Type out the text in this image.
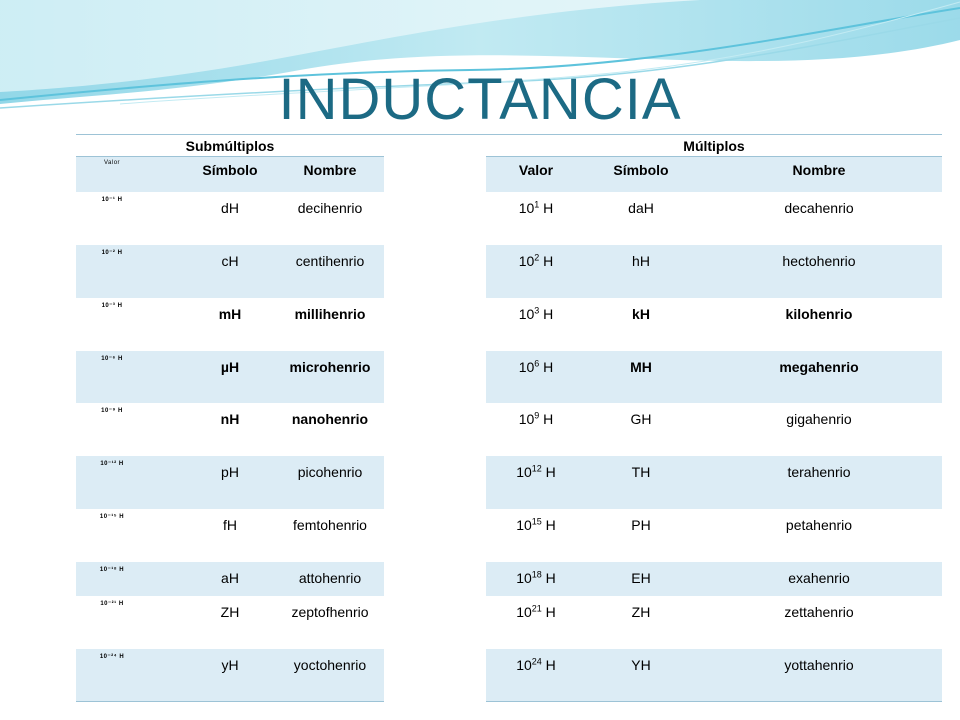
INDUCTANCIA
Submúltiplos	Múltiplos
Valor	Símbolo	Nombre	Valor	Símbolo	Nombre
10⁻¹ H	dH	decihenrio	$10^1$ H	daH	decahenrio
10⁻² H	cH	centihenrio	$10^2$ H	hH	hectohenrio
10⁻³ H	mH	millihenrio	$10^3$ H	kH	kilohenrio
10⁻⁶ H	µH	microhenrio	$10^6$ H	MH	megahenrio
10⁻⁹ H	nH	nanohenrio	$10^9$ H	GH	gigahenrio
10⁻¹² H	pH	picohenrio	$10^{12}$ H	TH	terahenrio
10⁻¹⁵ H	fH	femtohenrio	$10^{15}$ H	PH	petahenrio
10⁻¹⁸ H	aH	attohenrio	$10^{18}$ H	EH	exahenrio
10⁻²¹ H	ZH	zeptofhenrio	$10^{21}$ H	ZH	zettahenrio
10⁻²⁴ H	yH	yoctohenrio	$10^{24}$ H	YH	yottahenrio
